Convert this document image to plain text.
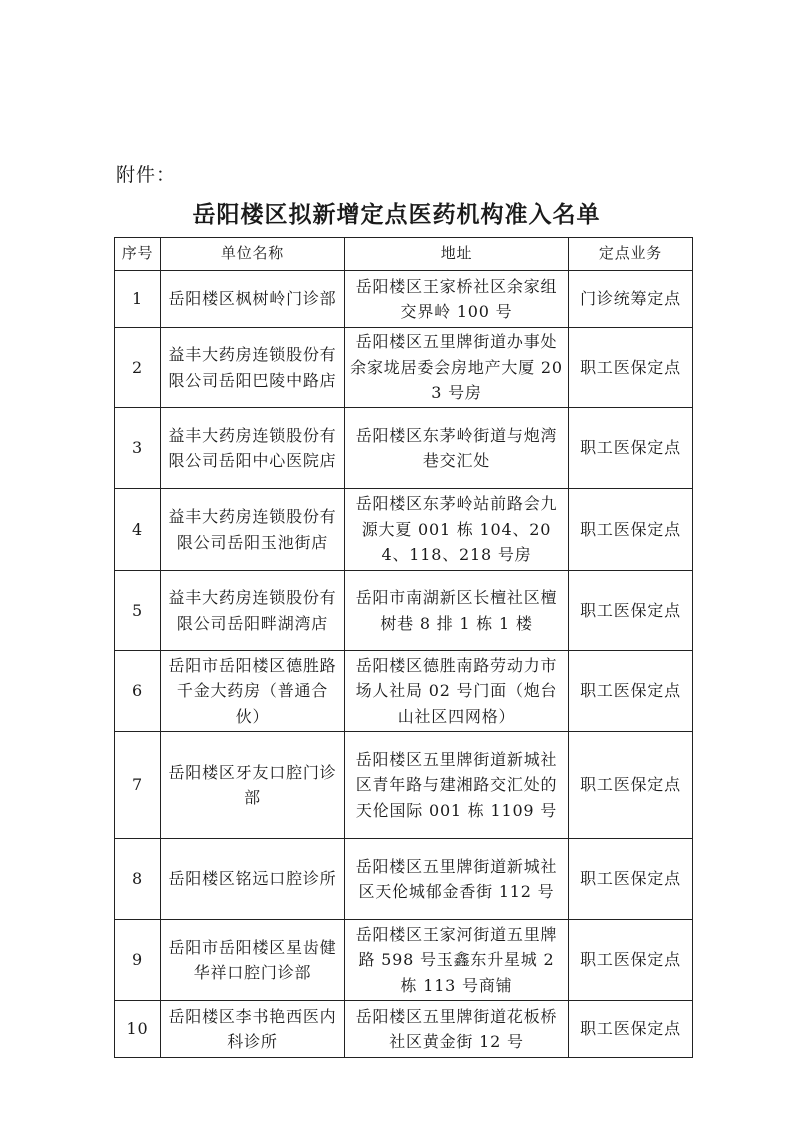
附件：
岳阳楼区拟新增定点医药机构准入名单
序号	单位名称	地址	定点业务
1	岳阳楼区枫树岭门诊部	岳阳楼区王家桥社区余家组交界岭 100 号	门诊统筹定点
2	益丰大药房连锁股份有限公司岳阳巴陵中路店	岳阳楼区五里牌街道办事处余家垅居委会房地产大厦 203 号房	职工医保定点
3	益丰大药房连锁股份有限公司岳阳中心医院店	岳阳楼区东茅岭街道与炮湾巷交汇处	职工医保定点
4	益丰大药房连锁股份有限公司岳阳玉池街店	岳阳楼区东茅岭站前路会九源大夏 001 栋 104、204、118、218 号房	职工医保定点
5	益丰大药房连锁股份有限公司岳阳畔湖湾店	岳阳市南湖新区长檀社区檀树巷 8 排 1 栋 1 楼	职工医保定点
6	岳阳市岳阳楼区德胜路千金大药房（普通合伙）	岳阳楼区德胜南路劳动力市场人社局 02 号门面（炮台山社区四网格）	职工医保定点
7	岳阳楼区牙友口腔门诊部	岳阳楼区五里牌街道新城社区青年路与建湘路交汇处的天伦国际 001 栋 1109 号	职工医保定点
8	岳阳楼区铭远口腔诊所	岳阳楼区五里牌街道新城社区天伦城郁金香街 112 号	职工医保定点
9	岳阳市岳阳楼区星齿健华祥口腔门诊部	岳阳楼区王家河街道五里牌路 598 号玉鑫东升星城 2 栋 113 号商铺	职工医保定点
10	岳阳楼区李书艳西医内科诊所	岳阳楼区五里牌街道花板桥社区黄金街 12 号	职工医保定点
